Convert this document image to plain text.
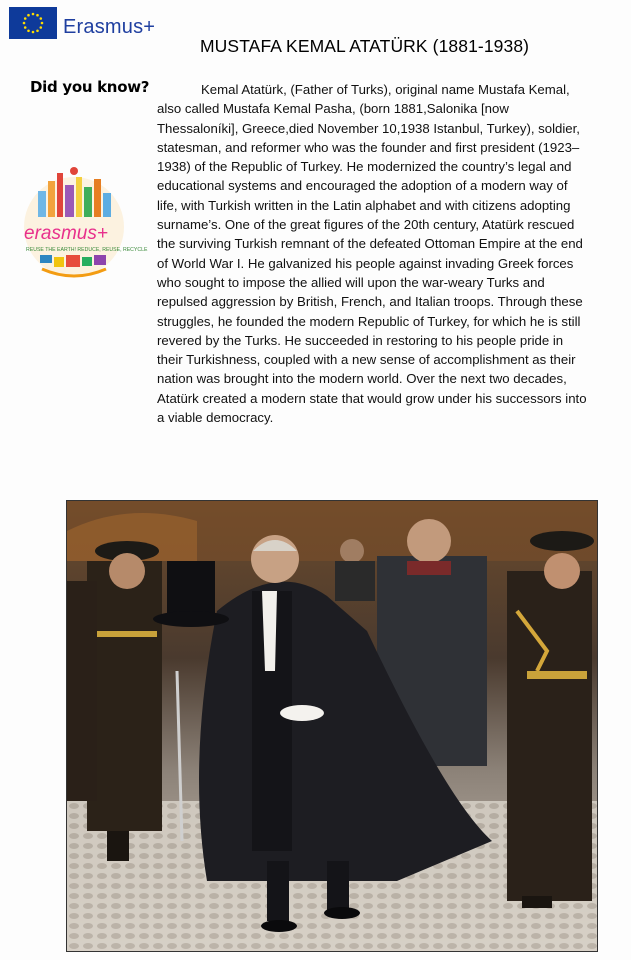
Erasmus+
MUSTAFA KEMAL ATATÜRK (1881-1938)
Did you know?
erasmus+
REUSE THE EARTH! REDUCE, REUSE, RECYCLE

Kemal Atatürk, (Father of Turks), original name Mustafa Kemal, also called Mustafa Kemal Pasha, (born 1881,Salonika [now Thessaloníki], Greece,died November 10,1938 Istanbul, Turkey), soldier, statesman, and reformer who was the founder and first president (1923–1938) of the Republic of Turkey. He modernized the country’s legal and educational systems and encouraged the adoption of a modern way of life, with Turkish written in the Latin alphabet and with citizens adopting surname’s. One of the great figures of the 20th century, Atatürk rescued the surviving Turkish remnant of the defeated Ottoman Empire at the end of World War I. He galvanized his people against invading Greek forces who sought to impose the allied will upon the war-weary Turks and repulsed aggression by British, French, and Italian troops. Through these struggles, he founded the modern Republic of Turkey, for which he is still revered by the Turks. He succeeded in restoring to his people pride in their Turkishness, coupled with a new sense of accomplishment as their nation was brought into the modern world. Over the next two decades, Atatürk created a modern state that would grow under his successors into a viable democracy.
